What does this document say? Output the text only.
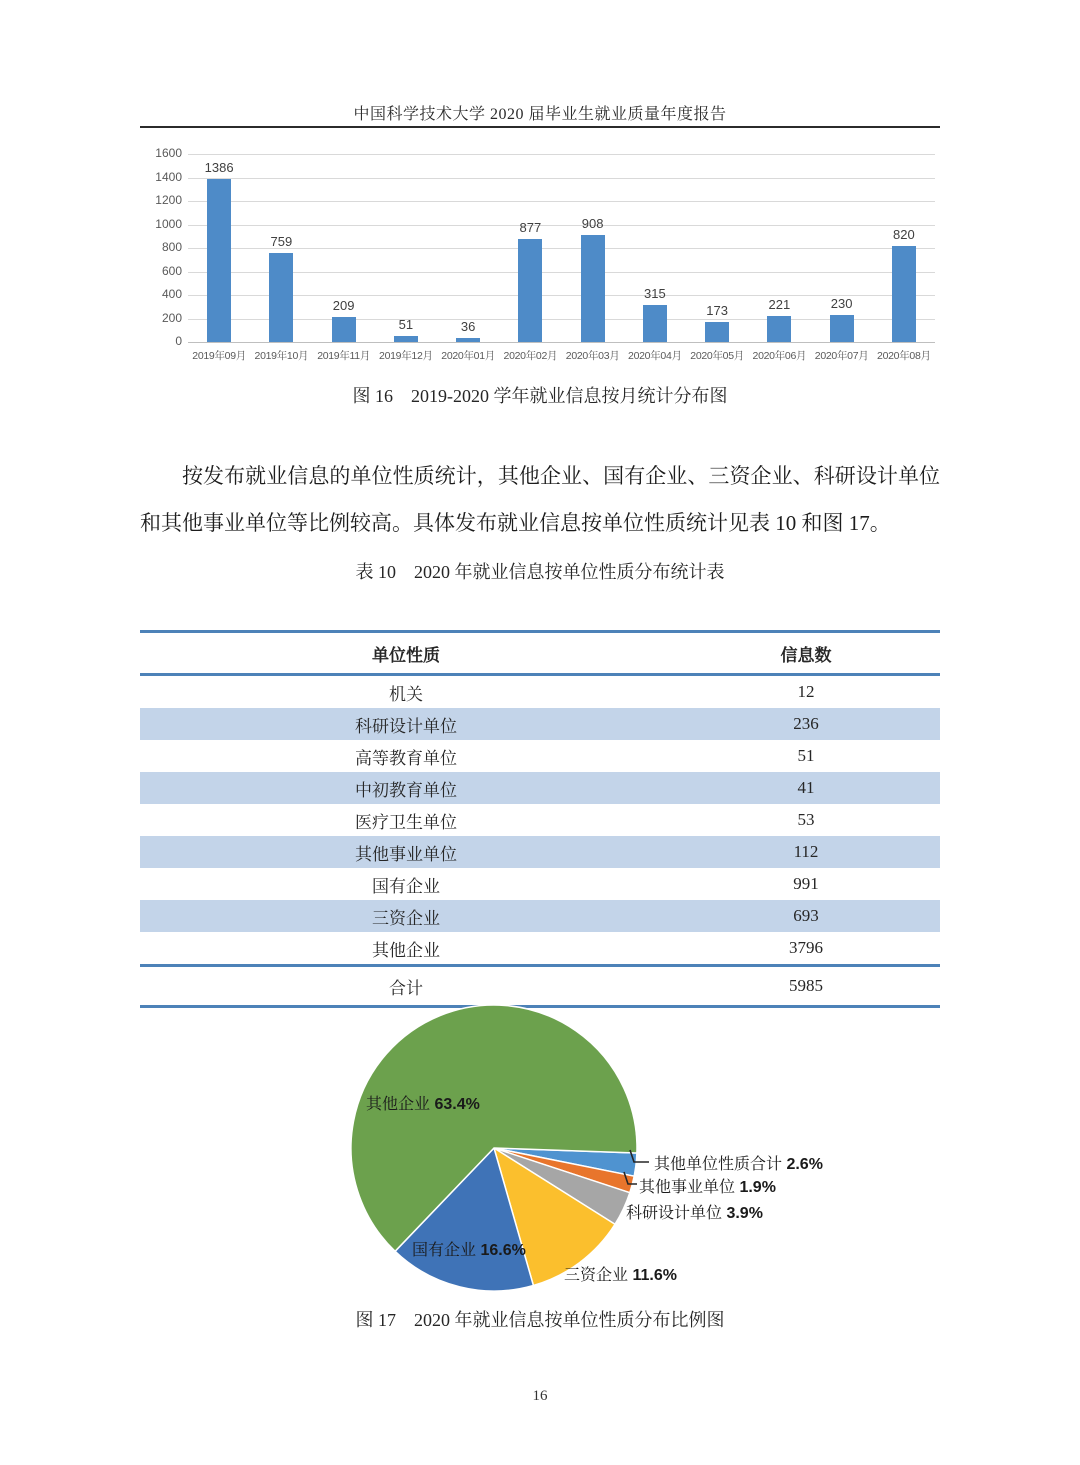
中国科学技术大学 2020 届毕业生就业质量年度报告
1386
759
209
51	36
877	908
315
173	221	230
820
0
200
400
600
800
1000
1200
1400
1600
2019年09月 2019年10月 2019年11月 2019年12月 2020年01月 2020年02月 2020年03月 2020年04月 2020年05月 2020年06月 2020年07月 2020年08月
图 16　2019-2020 学年就业信息按月统计分布图

按发布就业信息的单位性质统计，其他企业、国有企业、三资企业、科研设计单位和其他事业单位等比例较高。具体发布就业信息按单位性质统计见表 10 和图 17。

表 10　2020 年就业信息按单位性质分布统计表
单位性质	信息数
机关	12
科研设计单位	236
高等教育单位	51
中初教育单位	41
医疗卫生单位	53
其他事业单位	112
国有企业	991
三资企业	693
其他企业	3796
合计	5985
其他单位性质合计 2.6%
其他事业单位 1.9%
科研设计单位 3.9%
三资企业 11.6%
国有企业 16.6%
其他企业 63.4%
图 17　2020 年就业信息按单位性质分布比例图
16
